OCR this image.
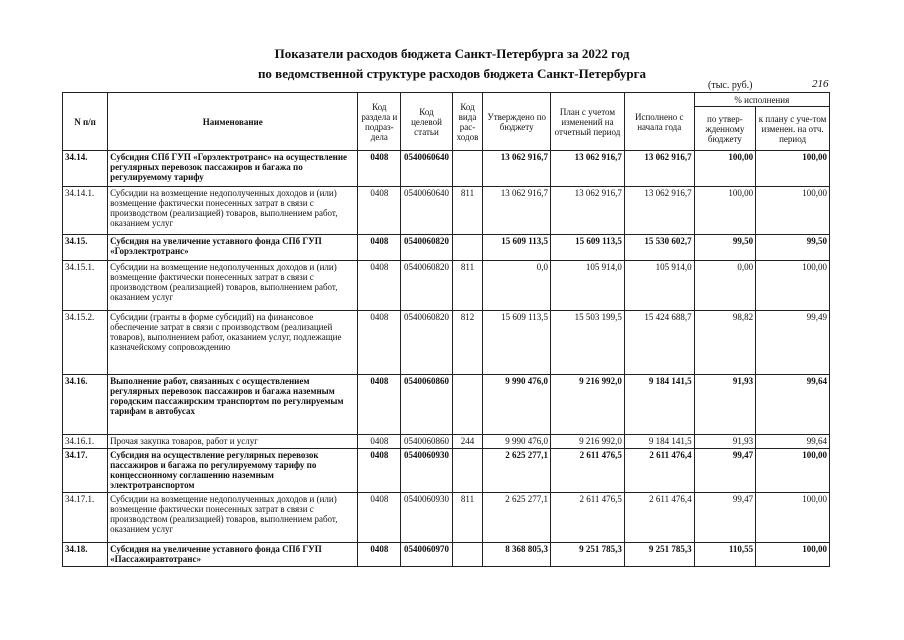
Показатели расходов бюджета Санкт-Петербурга за 2022 год
по ведомственной структуре расходов бюджета Санкт-Петербурга
(тыс. руб.)	216
N п/п	Наименование	Код раздела и подраз-дела	Код целевой статьи	Код вида рас-ходов	Утверждено по бюджету	План с учетом изменений на отчетный период	Исполнено с начала года	% исполнения	
								по утвер-жденному бюджету	к плану с уче-том изменен. на отч. период
34.14.	Субсидия СПб ГУП «Горэлектротранс» на осуществление регулярных перевозок пассажиров и багажа по регулируемому тарифу	0408	0540060640		13 062 916,7	13 062 916,7	13 062 916,7	100,00	100,00
34.14.1.	Субсидии на возмещение недополученных доходов и (или) возмещение фактически понесенных затрат в связи с производством (реализацией) товаров, выполнением работ, оказанием услуг	0408	0540060640	811	13 062 916,7	13 062 916,7	13 062 916,7	100,00	100,00
34.15.	Субсидия на увеличение уставного фонда СПб ГУП «Горэлектротранс»	0408	0540060820		15 609 113,5	15 609 113,5	15 530 602,7	99,50	99,50
34.15.1.	Субсидии на возмещение недополученных доходов и (или) возмещение фактически понесенных затрат в связи с производством (реализацией) товаров, выполнением работ, оказанием услуг	0408	0540060820	811	0,0	105 914,0	105 914,0	0,00	100,00
34.15.2.	Субсидии (гранты в форме субсидий) на финансовое обеспечение затрат в связи с производством (реализацией товаров), выполнением работ, оказанием услуг, подлежащие казначейскому сопровождению	0408	0540060820	812	15 609 113,5	15 503 199,5	15 424 688,7	98,82	99,49
34.16.	Выполнение работ, связанных с осуществлением регулярных перевозок пассажиров и багажа наземным городским пассажирским транспортом по регулируемым тарифам в автобусах	0408	0540060860		9 990 476,0	9 216 992,0	9 184 141,5	91,93	99,64
34.16.1.	Прочая закупка товаров, работ и услуг	0408	0540060860	244	9 990 476,0	9 216 992,0	9 184 141,5	91,93	99,64
34.17.	Субсидия на осуществление регулярных перевозок пассажиров и багажа по регулируемому тарифу по концессионному соглашению наземным электротранспортом	0408	0540060930		2 625 277,1	2 611 476,5	2 611 476,4	99,47	100,00
34.17.1.	Субсидии на возмещение недополученных доходов и (или) возмещение фактически понесенных затрат в связи с производством (реализацией) товаров, выполнением работ, оказанием услуг	0408	0540060930	811	2 625 277,1	2 611 476,5	2 611 476,4	99,47	100,00
34.18.	Субсидия на увеличение уставного фонда СПб ГУП «Пассажиравтотранс»	0408	0540060970		8 368 805,3	9 251 785,3	9 251 785,3	110,55	100,00
